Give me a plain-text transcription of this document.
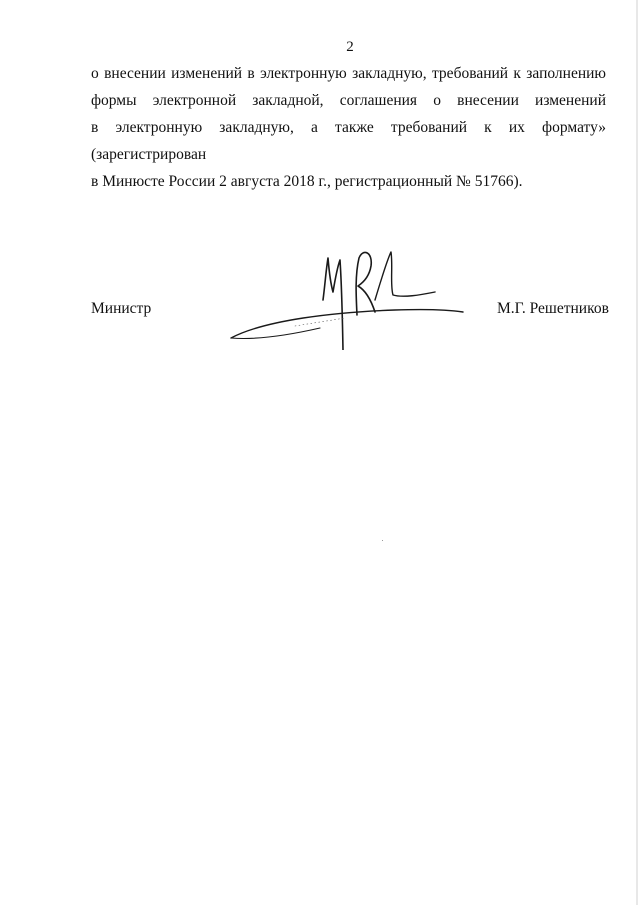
2
о внесении изменений в электронную закладную, требований к заполнению
формы электронной закладной, соглашения о внесении изменений
в электронную закладную, а также требований к их формату» (зарегистрирован
в Минюсте России 2 августа 2018 г., регистрационный № 51766).
Министр	М.Г. Решетников
